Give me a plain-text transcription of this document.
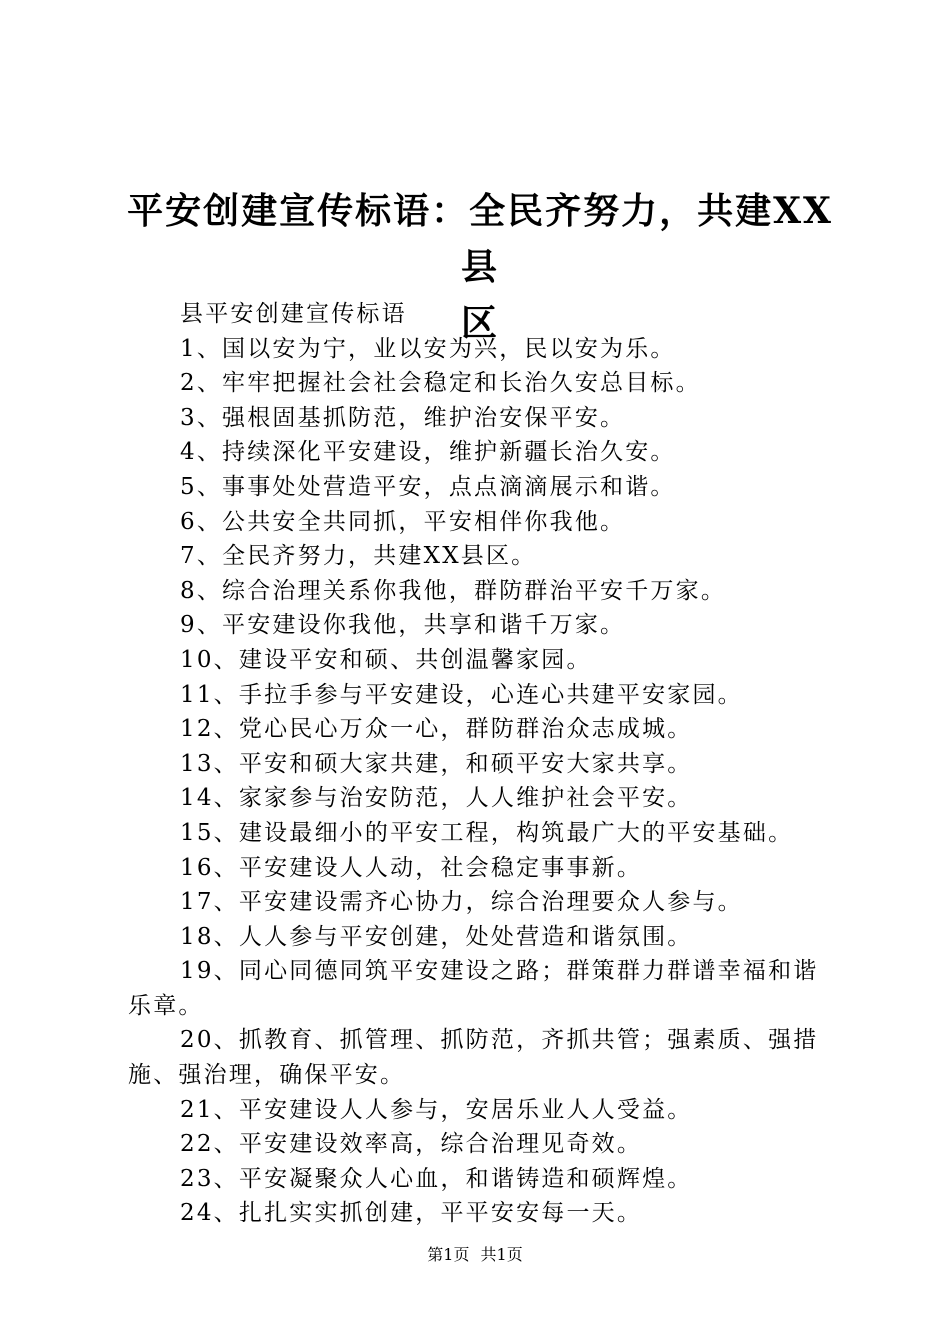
平安创建宣传标语：全民齐努力，共建XX县
区

县平安创建宣传标语

1、国以安为宁，业以安为兴，民以安为乐。

2、牢牢把握社会社会稳定和长治久安总目标。

3、强根固基抓防范，维护治安保平安。

4、持续深化平安建设，维护新疆长治久安。

5、事事处处营造平安，点点滴滴展示和谐。

6、公共安全共同抓，平安相伴你我他。

7、全民齐努力，共建XX县区。

8、综合治理关系你我他，群防群治平安千万家。

9、平安建设你我他，共享和谐千万家。

10、建设平安和硕、共创温馨家园。

11、手拉手参与平安建设，心连心共建平安家园。

12、党心民心万众一心，群防群治众志成城。

13、平安和硕大家共建，和硕平安大家共享。

14、家家参与治安防范，人人维护社会平安。

15、建设最细小的平安工程，构筑最广大的平安基础。

16、平安建设人人动，社会稳定事事新。

17、平安建设需齐心协力，综合治理要众人参与。

18、人人参与平安创建，处处营造和谐氛围。

19、同心同德同筑平安建设之路；群策群力群谱幸福和谐乐章。

20、抓教育、抓管理、抓防范，齐抓共管；强素质、强措施、强治理，确保平安。

21、平安建设人人参与，安居乐业人人受益。

22、平安建设效率高，综合治理见奇效。

23、平安凝聚众人心血，和谐铸造和硕辉煌。

24、扎扎实实抓创建，平平安安每一天。

第1页 共1页
